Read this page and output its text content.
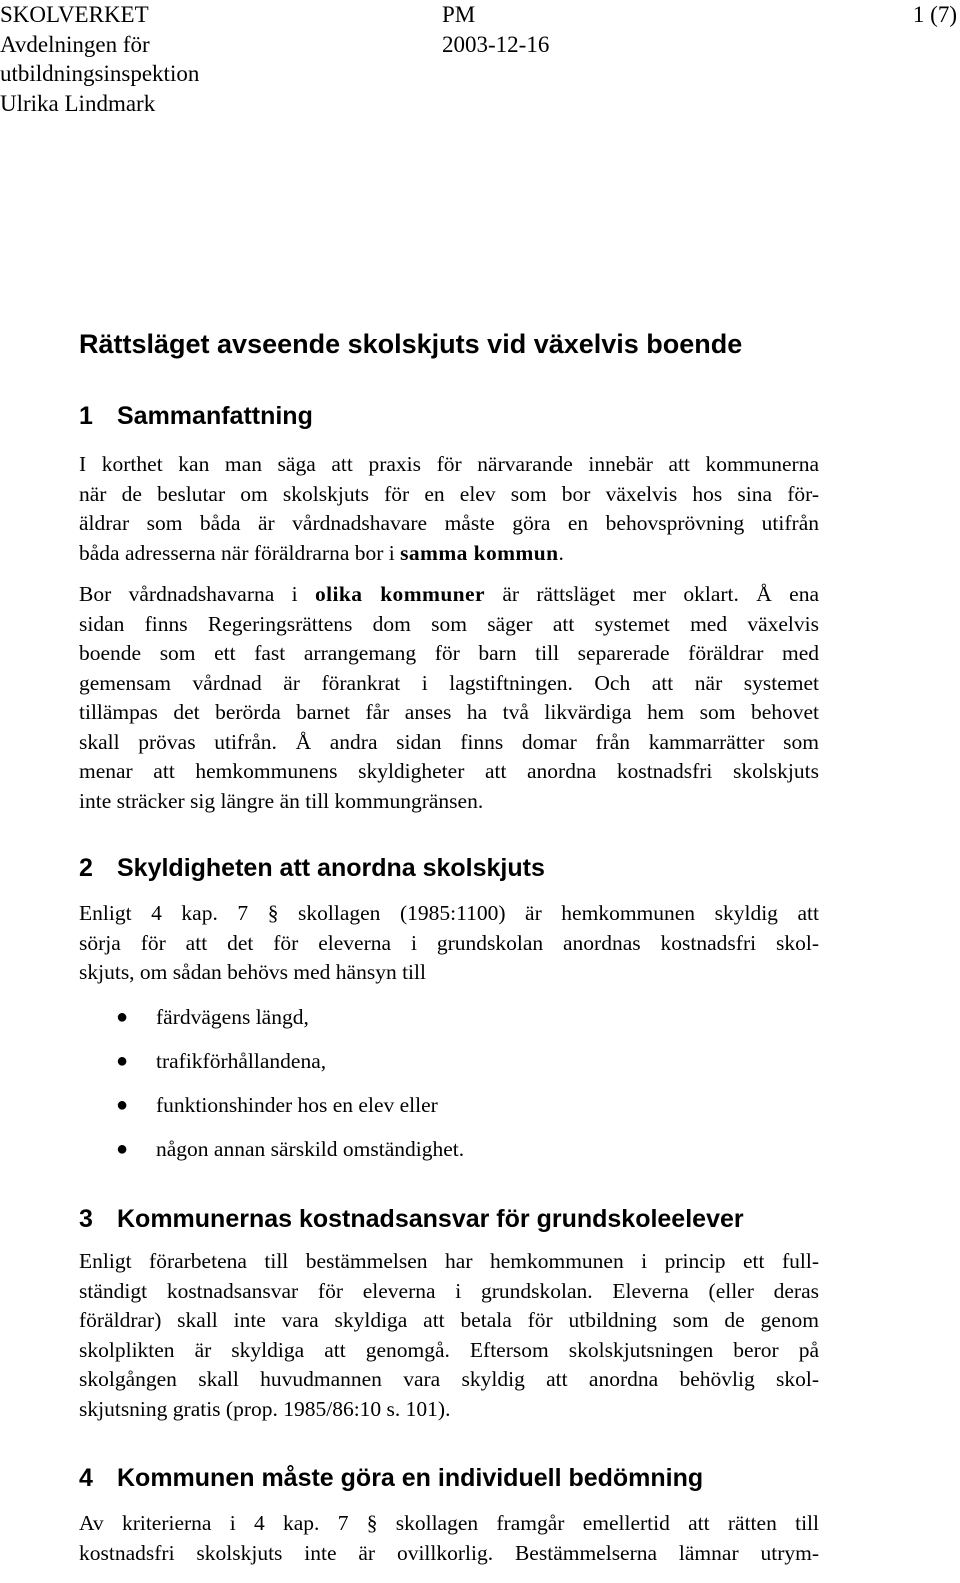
SKOLVERKET
Avdelningen för
utbildningsinspektion
Ulrika Lindmark
PM
2003-12-16
1 (7)
Rättsläget avseende skolskjuts vid växelvis boende
1 Sammanfattning

I korthet kan man säga att praxis för närvarande innebär att kommunerna
när de beslutar om skolskjuts för en elev som bor växelvis hos sina för-
äldrar som båda är vårdnadshavare måste göra en behovsprövning utifrån
båda adresserna när föräldrarna bor i samma kommun.

Bor vårdnadshavarna i olika kommuner är rättsläget mer oklart. Å ena
sidan finns Regeringsrättens dom som säger att systemet med växelvis
boende som ett fast arrangemang för barn till separerade föräldrar med
gemensam vårdnad är förankrat i lagstiftningen. Och att när systemet
tillämpas det berörda barnet får anses ha två likvärdiga hem som behovet
skall prövas utifrån. Å andra sidan finns domar från kammarrätter som
menar att hemkommunens skyldigheter att anordna kostnadsfri skolskjuts
inte sträcker sig längre än till kommungränsen.

2 Skyldigheten att anordna skolskjuts

Enligt 4 kap. 7 § skollagen (1985:1100) är hemkommunen skyldig att
sörja för att det för eleverna i grundskolan anordnas kostnadsfri skol-
skjuts, om sådan behövs med hänsyn till

● färdvägens längd,
● trafikförhållandena,
● funktionshinder hos en elev eller
● någon annan särskild omständighet.
3 Kommunernas kostnadsansvar för grundskoleelever

Enligt förarbetena till bestämmelsen har hemkommunen i princip ett full-
ständigt kostnadsansvar för eleverna i grundskolan. Eleverna (eller deras
föräldrar) skall inte vara skyldiga att betala för utbildning som de genom
skolplikten är skyldiga att genomgå. Eftersom skolskjutsningen beror på
skolgången skall huvudmannen vara skyldig att anordna behövlig skol-
skjutsning gratis (prop. 1985/86:10 s. 101).

4 Kommunen måste göra en individuell bedömning

Av kriterierna i 4 kap. 7 § skollagen framgår emellertid att rätten till
kostnadsfri skolskjuts inte är ovillkorlig. Bestämmelserna lämnar utrym-
